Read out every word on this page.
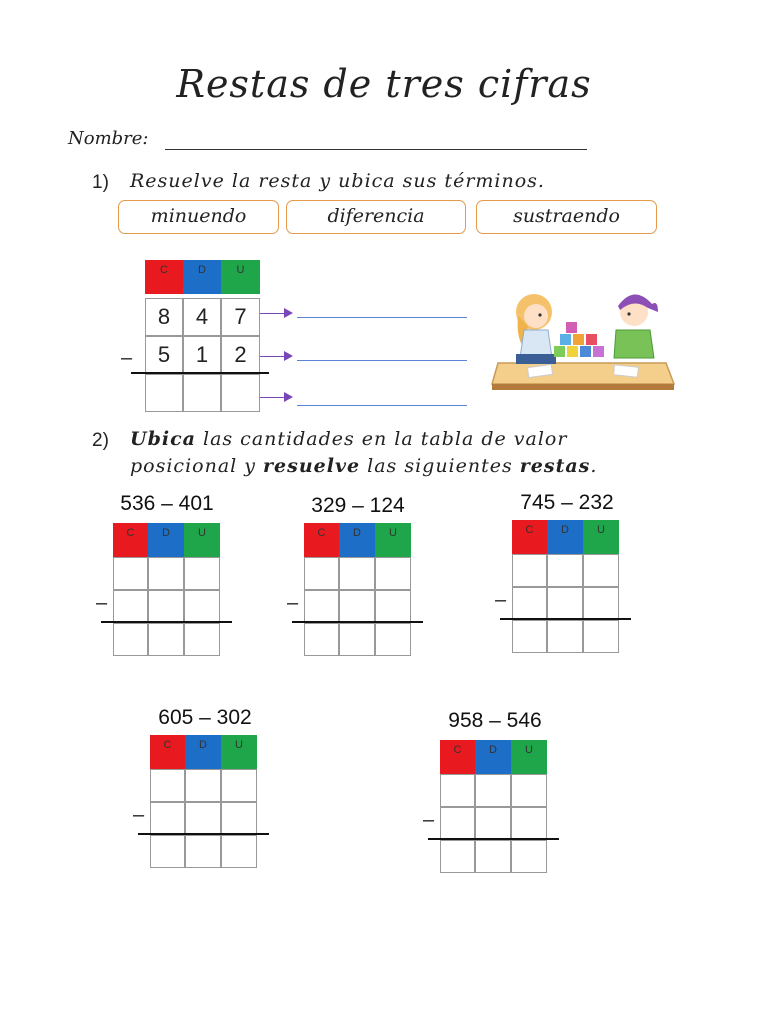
Restas de tres cifras
Nombre:
1) Resuelve la resta y ubica sus términos.
minuendo	diferencia	sustraendo
C	D	U
8	4	7
5	1	2
–
2) Ubica las cantidades en la tabla de valor
posicional y resuelve las siguientes restas.
536 – 401
C	D	U
–
329 – 124
C	D	U
–
745 – 232
C	D	U
–
605 – 302
C	D	U
–
958 – 546
C	D	U
–
